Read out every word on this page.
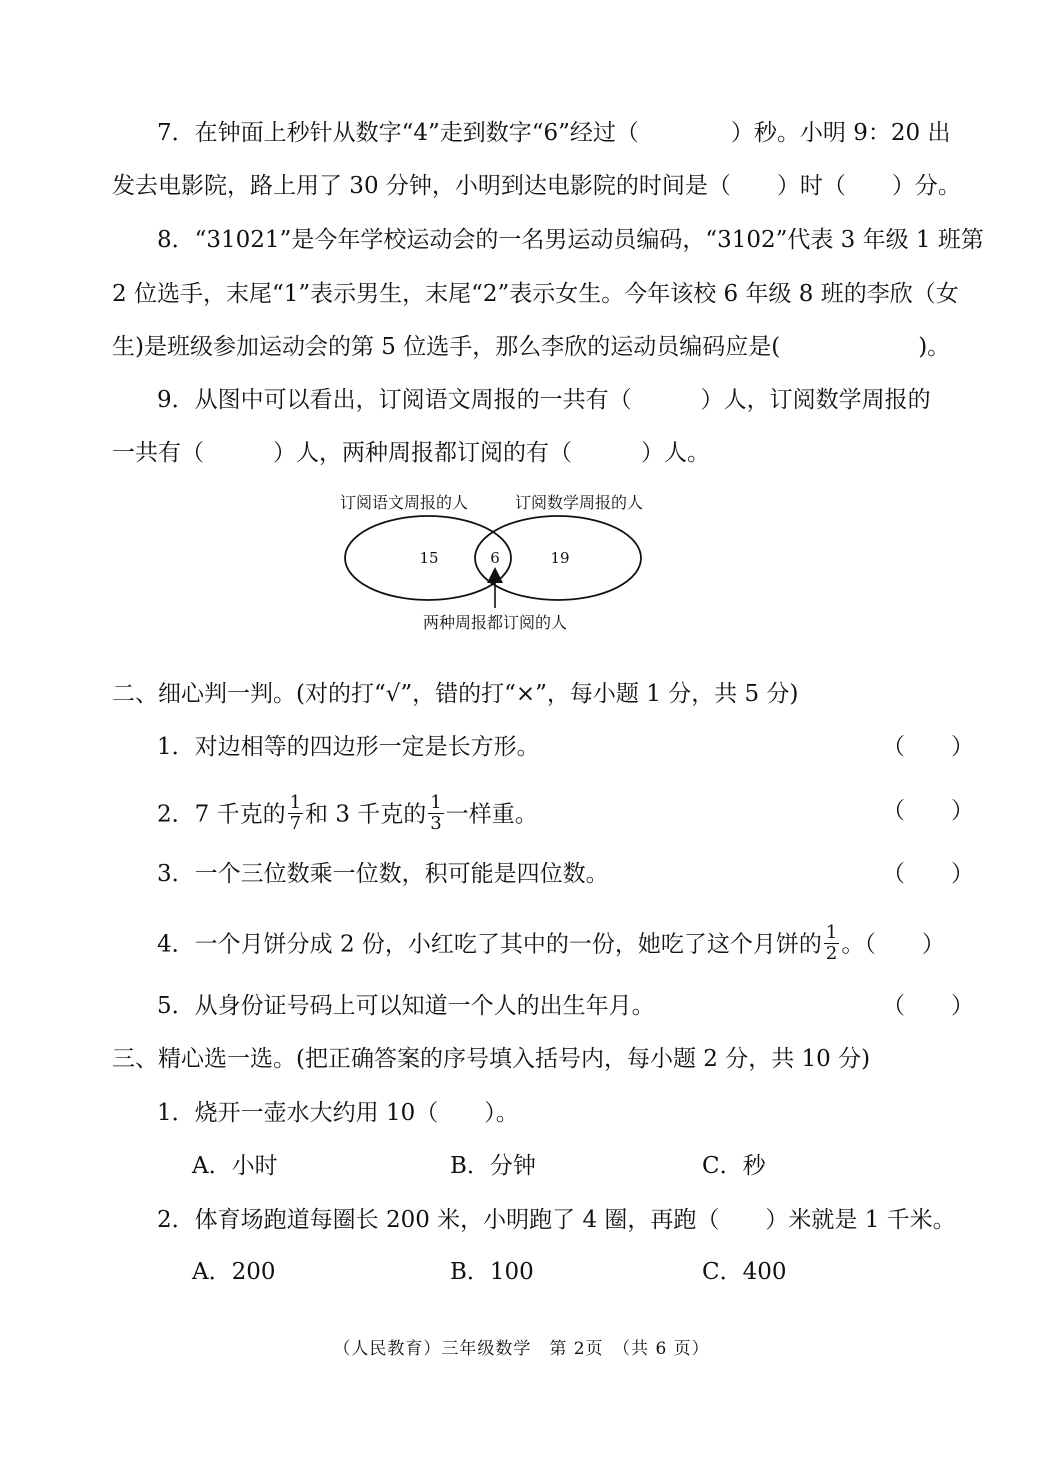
7．在钟面上秒针从数字“4”走到数字“6”经过（　　　　）秒。小明 9：20 出
发去电影院，路上用了 30 分钟，小明到达电影院的时间是（　　）时（　　）分。
8．“31021”是今年学校运动会的一名男运动员编码，“3102”代表 3 年级 1 班第
2 位选手，末尾“1”表示男生，末尾“2”表示女生。今年该校 6 年级 8 班的李欣（女
生)是班级参加运动会的第 5 位选手，那么李欣的运动员编码应是(　　　　　　)。
9．从图中可以看出，订阅语文周报的一共有（　　　）人，订阅数学周报的
一共有（　　　）人，两种周报都订阅的有（　　　）人。
订阅语文周报的人	订阅数学周报的人
15	6	19
两种周报都订阅的人
二、细心判一判。(对的打“√”，错的打“×”，每小题 1 分，共 5 分)
1．对边相等的四边形一定是长方形。	（　　）
2．7 千克的 $\frac{1}{7}$ 和 3 千克的 $\frac{1}{3}$ 一样重。	（　　）
3．一个三位数乘一位数，积可能是四位数。	（　　）
4．一个月饼分成 2 份，小红吃了其中的一份，她吃了这个月饼的 $\frac{1}{2}$ 。（　　）
5．从身份证号码上可以知道一个人的出生年月。	（　　）
三、精心选一选。(把正确答案的序号填入括号内，每小题 2 分，共 10 分)
1．烧开一壶水大约用 10（　　）。
A．小时	B．分钟	C．秒
2．体育场跑道每圈长 200 米，小明跑了 4 圈，再跑（　　）米就是 1 千米。
A．200	B．100	C．400
（人民教育）三年级数学　第 2页　（共 6 页）
